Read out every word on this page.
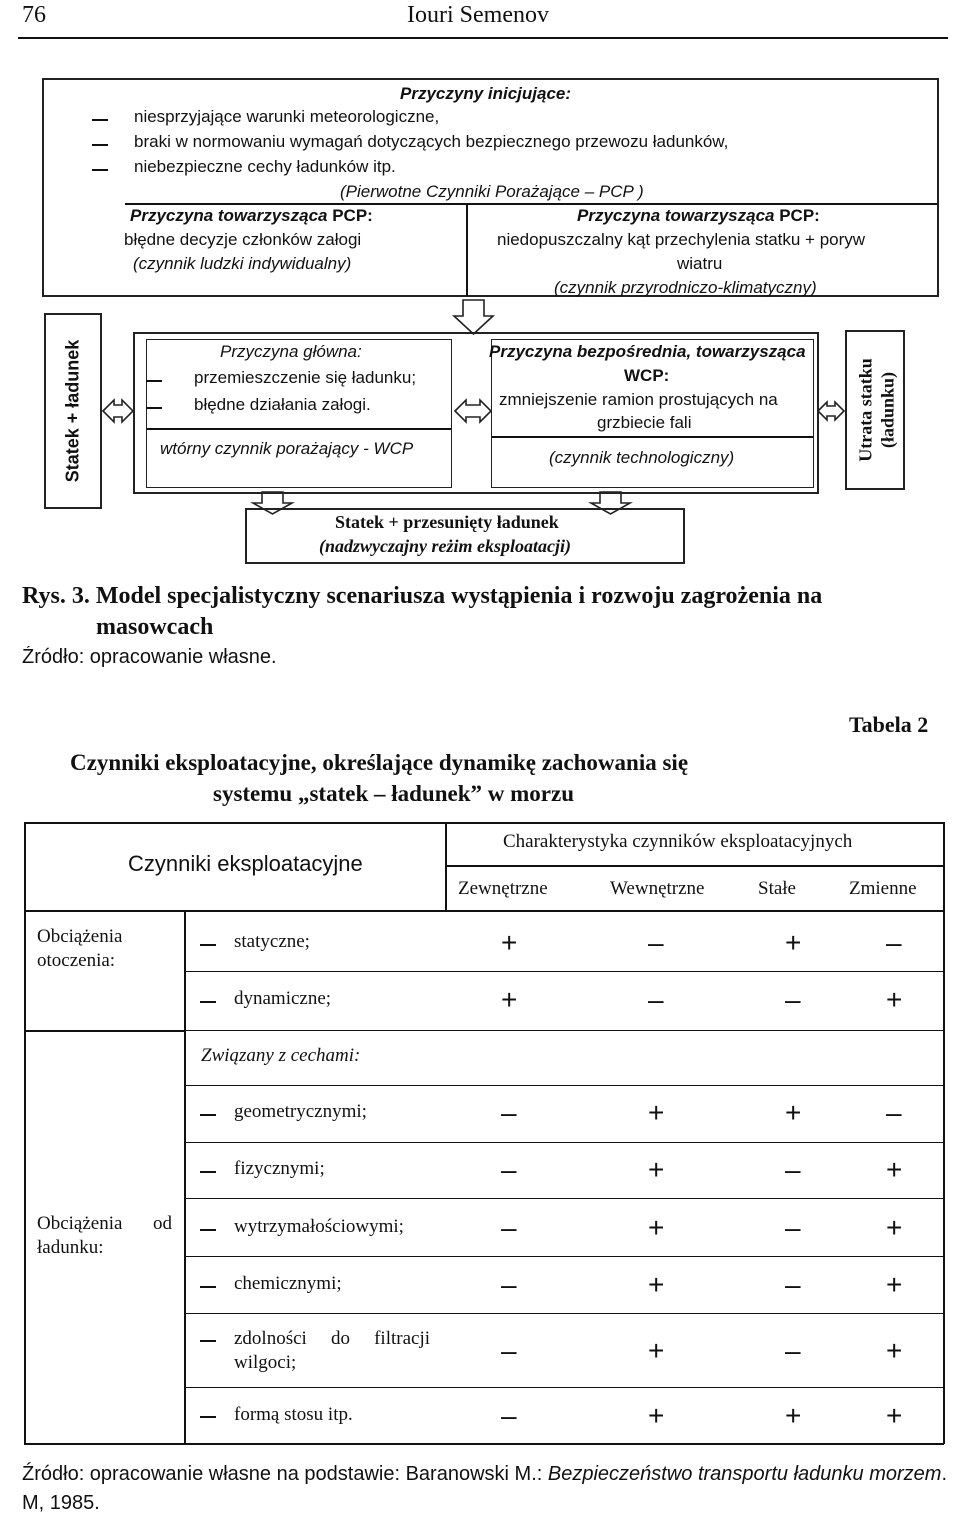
76	Iouri Semenov
Przyczyny inicjujące:
niesprzyjające warunki meteorologiczne,
braki w normowaniu wymagań dotyczących bezpiecznego przewozu ładunków,
niebezpieczne cechy ładunków itp.
(Pierwotne Czynniki Porażające – PCP )
Przyczyna towarzysząca PCP:
błędne decyzje członków załogi
(czynnik ludzki indywidualny)
Przyczyna towarzysząca PCP:
niedopuszczalny kąt przechylenia statku + poryw
wiatru
(czynnik przyrodniczo-klimatyczny)
Statek + ładunek	Przyczyna główna:
przemieszczenie się ładunku;
błędne działania załogi.
wtórny czynnik porażający - WCP
Przyczyna bezpośrednia, towarzysząca
WCP:
zmniejszenie ramion prostujących na
grzbiecie fali
(czynnik technologiczny)	Utrata statku (ładunku)
Statek + przesunięty ładunek
(nadzwyczajny reżim eksploatacji)
Rys. 3. Model specjalistyczny scenariusza wystąpienia i rozwoju zagrożenia na
masowcach
Źródło: opracowanie własne.
Tabela 2
Czynniki eksploatacyjne, określające dynamikę zachowania się
systemu „statek – ładunek” w morzu
Czynniki eksploatacyjne
Charakterystyka czynników eksploatacyjnych
Zewnętrzne	Wewnętrzne	Stałe	Zmienne
Obciążenia otoczenia:
Obciążenia od
ładunku:
Związany z cechami:
statyczne;	+	–	+	–
dynamiczne;	+	–	–	+
geometrycznymi;	–	+	+	–
fizycznymi;	–	+	–	+
wytrzymałościowymi;	–	+	–	+
chemicznymi;	–	+	–	+
zdolności do filtracji
wilgoci;	–	+	–	+
formą stosu itp.	–	+	+	+
Źródło: opracowanie własne na podstawie: Baranowski M.: Bezpieczeństwo transportu ładunku morzem. M, 1985.
